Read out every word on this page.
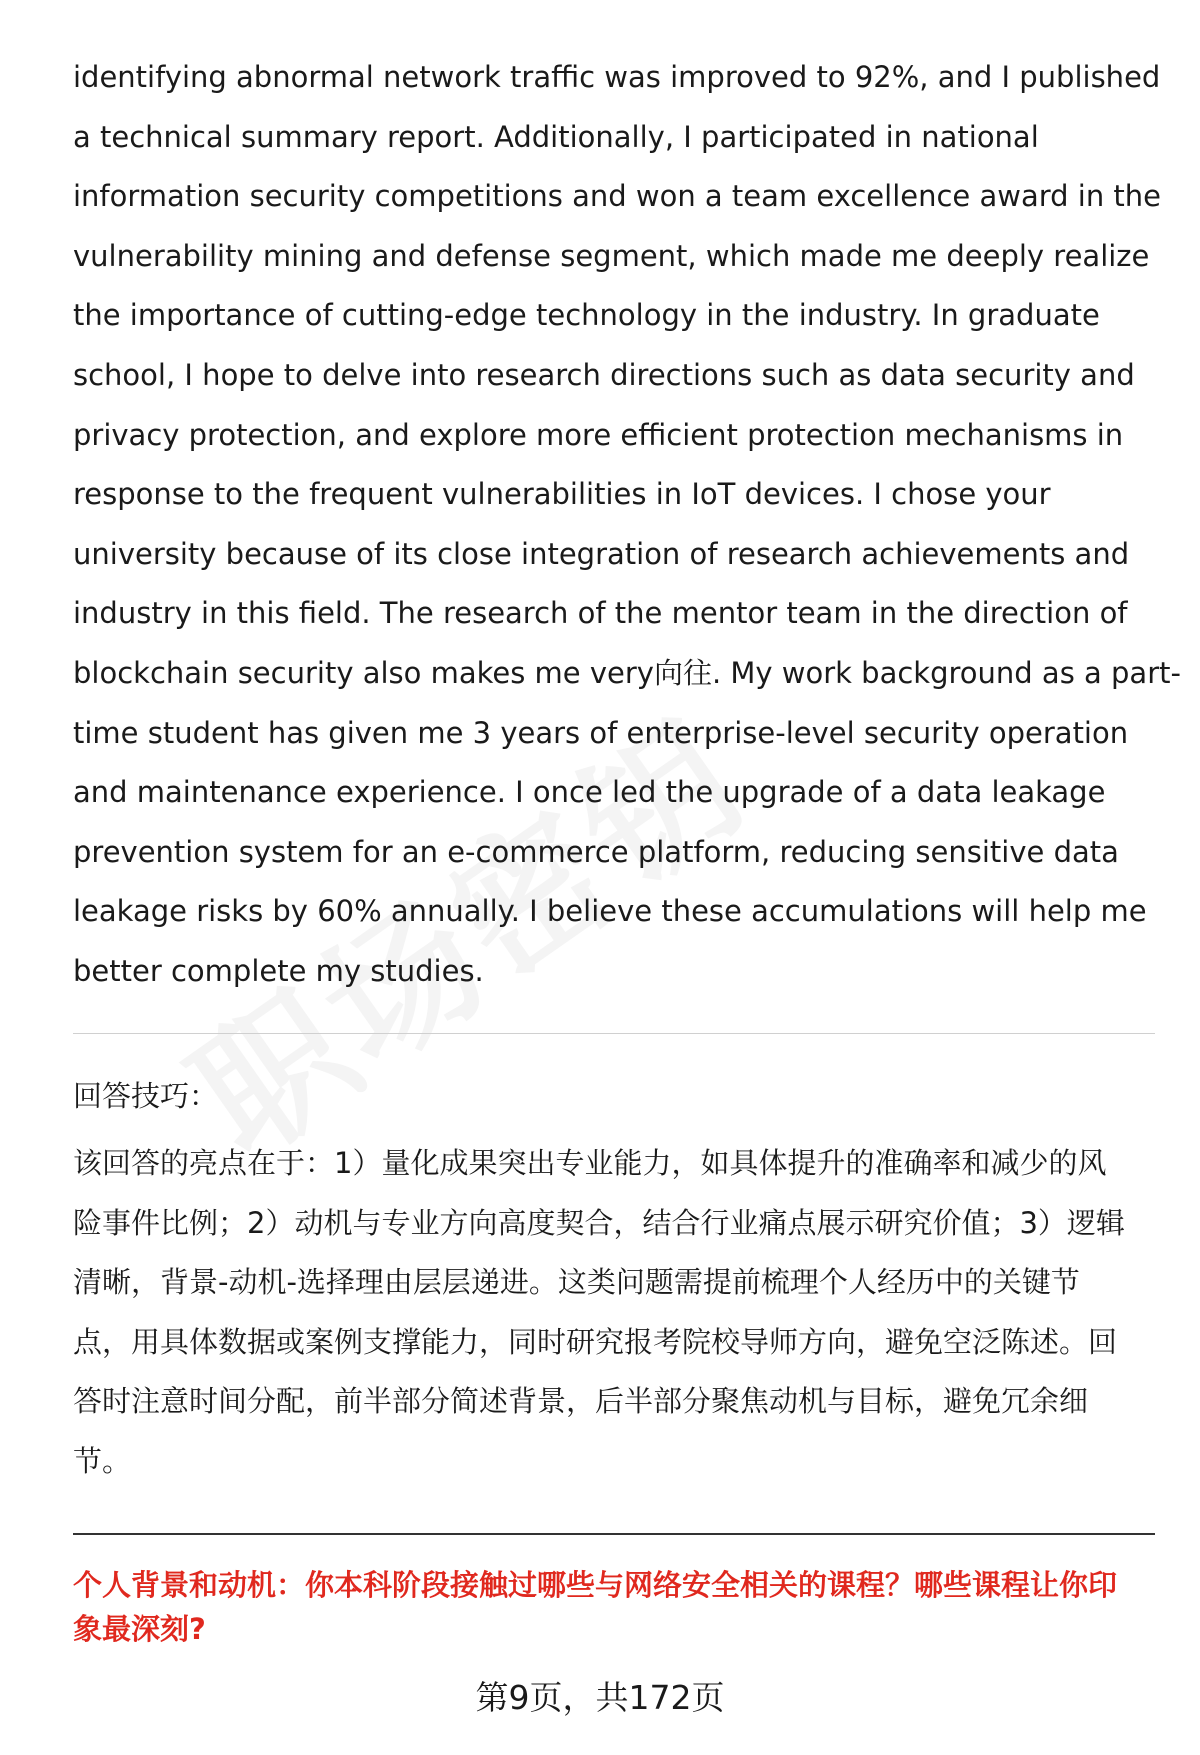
identifying abnormal network traffic was improved to 92%, and I published
a technical summary report. Additionally, I participated in national
information security competitions and won a team excellence award in the
vulnerability mining and defense segment, which made me deeply realize
the importance of cutting-edge technology in the industry. In graduate
school, I hope to delve into research directions such as data security and
privacy protection, and explore more efficient protection mechanisms in
response to the frequent vulnerabilities in IoT devices. I chose your
university because of its close integration of research achievements and
industry in this field. The research of the mentor team in the direction of
blockchain security also makes me very向往. My work background as a part-
time student has given me 3 years of enterprise-level security operation
and maintenance experience. I once led the upgrade of a data leakage
prevention system for an e-commerce platform, reducing sensitive data
leakage risks by 60% annually. I believe these accumulations will help me
better complete my studies.
回答技巧：
该回答的亮点在于：1）量化成果突出专业能力，如具体提升的准确率和减少的风
险事件比例；2）动机与专业方向高度契合，结合行业痛点展示研究价值；3）逻辑
清晰，背景-动机-选择理由层层递进。这类问题需提前梳理个人经历中的关键节
点，用具体数据或案例支撑能力，同时研究报考院校导师方向，避免空泛陈述。回
答时注意时间分配，前半部分简述背景，后半部分聚焦动机与目标，避免冗余细
节。
个人背景和动机：你本科阶段接触过哪些与网络安全相关的课程？哪些课程让你印
象最深刻?
第9页，共172页
